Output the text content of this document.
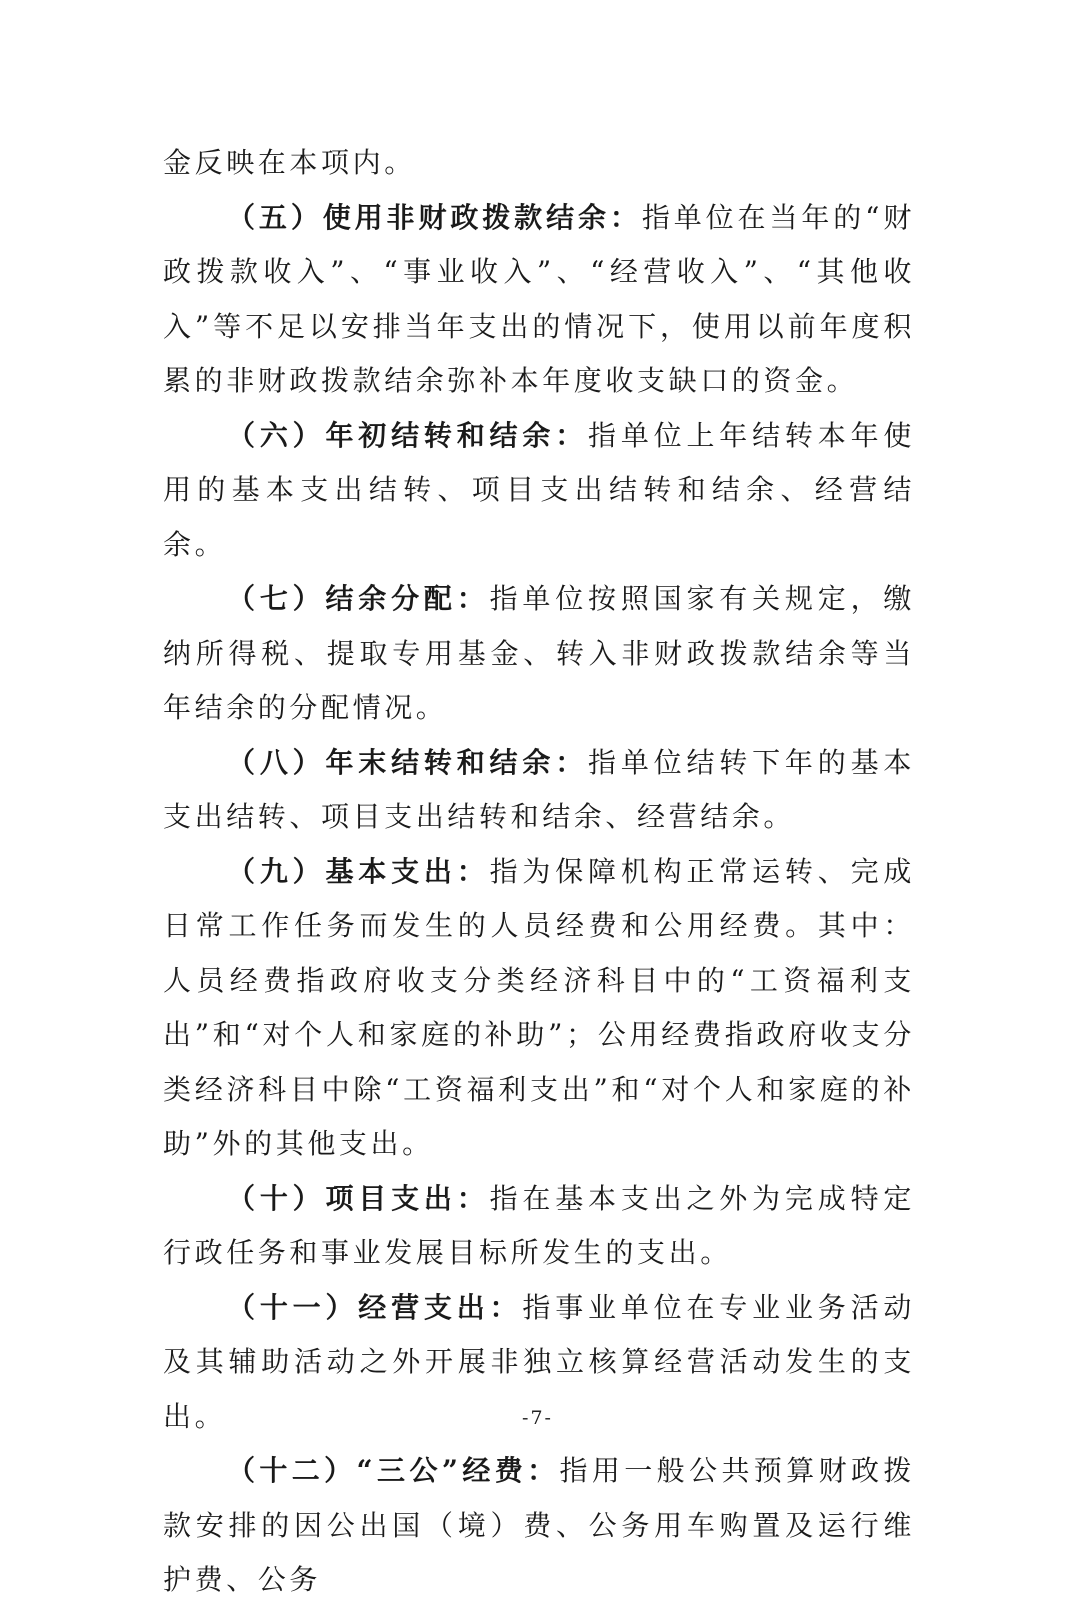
金反映在本项内。

（五）使用非财政拨款结余：指单位在当年的“财政拨款收入”、“事业收入”、“经营收入”、“其他收入”等不足以安排当年支出的情况下，使用以前年度积累的非财政拨款结余弥补本年度收支缺口的资金。

（六）年初结转和结余：指单位上年结转本年使用的基本支出结转、项目支出结转和结余、经营结余。

（七）结余分配：指单位按照国家有关规定，缴纳所得税、提取专用基金、转入非财政拨款结余等当年结余的分配情况。

（八）年末结转和结余：指单位结转下年的基本支出结转、项目支出结转和结余、经营结余。

（九）基本支出：指为保障机构正常运转、完成日常工作任务而发生的人员经费和公用经费。其中：人员经费指政府收支分类经济科目中的“工资福利支出”和“对个人和家庭的补助”；公用经费指政府收支分类经济科目中除“工资福利支出”和“对个人和家庭的补助”外的其他支出。

（十）项目支出：指在基本支出之外为完成特定行政任务和事业发展目标所发生的支出。

（十一）经营支出：指事业单位在专业业务活动及其辅助活动之外开展非独立核算经营活动发生的支出。

（十二）“三公”经费：指用一般公共预算财政拨款安排的因公出国（境）费、公务用车购置及运行维护费、公务

-7-
